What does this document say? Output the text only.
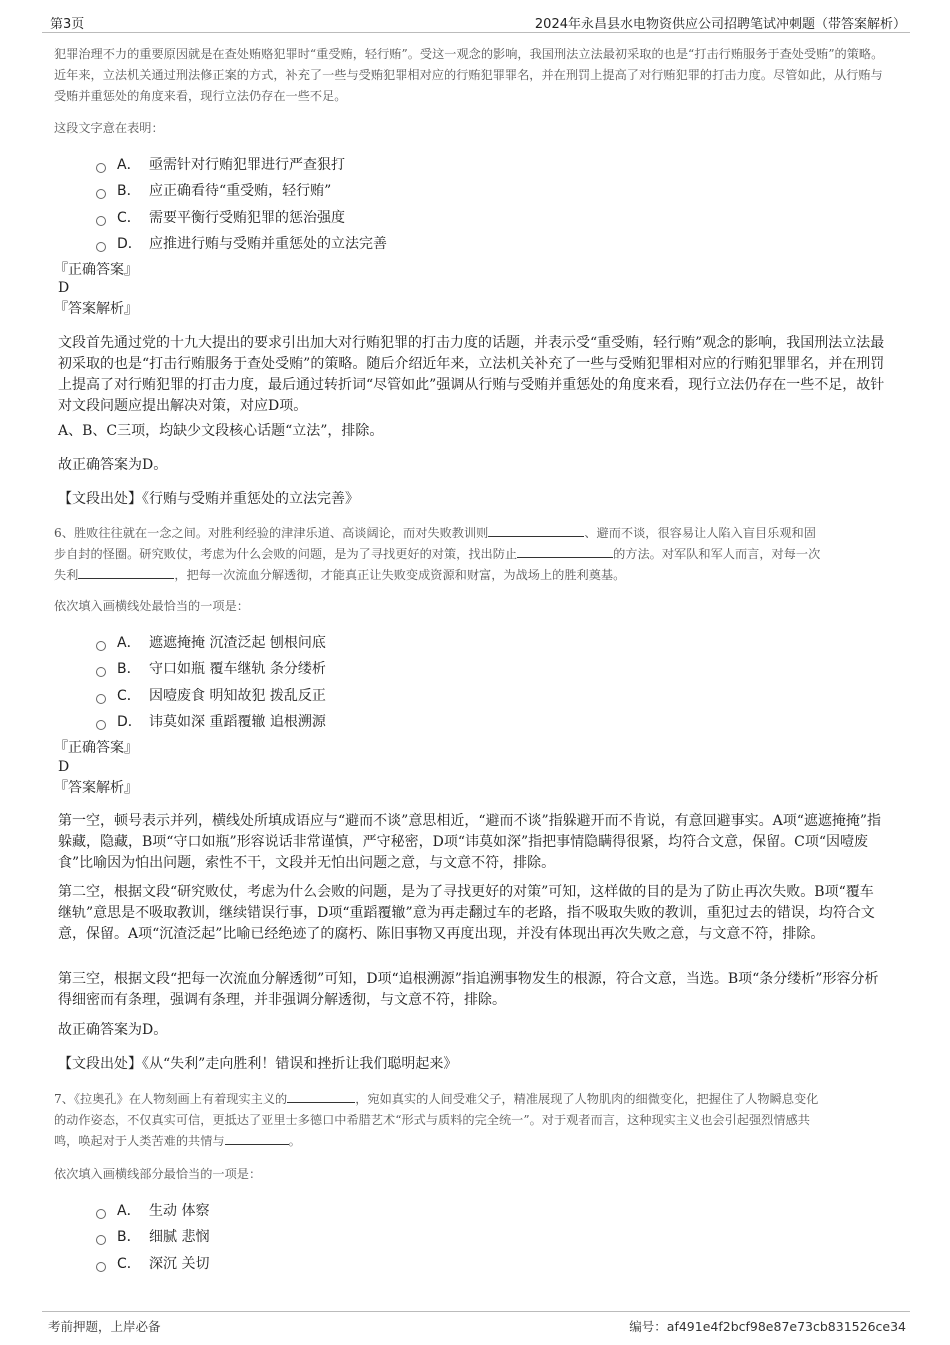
第3页	2024年永昌县水电物资供应公司招聘笔试冲刺题（带答案解析）
犯罪治理不力的重要原因就是在查处贿赂犯罪时“重受贿，轻行贿”。受这一观念的影响，我国刑法立法最初采取的也是“打击行贿服务于查处受贿”的策略。近年来，立法机关通过刑法修正案的方式，补充了一些与受贿犯罪相对应的行贿犯罪罪名，并在刑罚上提高了对行贿犯罪的打击力度。尽管如此，从行贿与受贿并重惩处的角度来看，现行立法仍存在一些不足。
这段文字意在表明：
A． 亟需针对行贿犯罪进行严查狠打
B． 应正确看待“重受贿，轻行贿”
C． 需要平衡行受贿犯罪的惩治强度
D． 应推进行贿与受贿并重惩处的立法完善
『正确答案』
D
『答案解析』
文段首先通过党的十九大提出的要求引出加大对行贿犯罪的打击力度的话题，并表示受“重受贿，轻行贿”观念的影响，我国刑法立法最初采取的也是“打击行贿服务于查处受贿”的策略。随后介绍近年来，立法机关补充了一些与受贿犯罪相对应的行贿犯罪罪名，并在刑罚上提高了对行贿犯罪的打击力度，最后通过转折词“尽管如此”强调从行贿与受贿并重惩处的角度来看，现行立法仍存在一些不足，故针对文段问题应提出解决对策，对应D项。
A、B、C三项，均缺少文段核心话题“立法”，排除。
故正确答案为D。
【文段出处】《行贿与受贿并重惩处的立法完善》
6、胜败往往就在一念之间。对胜利经验的津津乐道、高谈阔论，而对失败教训则	、避而不谈，很容易让人陷入盲目乐观和固
步自封的怪圈。研究败仗，考虑为什么会败的问题，是为了寻找更好的对策，找出防止	的方法。对军队和军人而言，对每一次
失利	，把每一次流血分解透彻，才能真正让失败变成资源和财富，为战场上的胜利奠基。
依次填入画横线处最恰当的一项是：
A． 遮遮掩掩 沉渣泛起 刨根问底
B． 守口如瓶 覆车继轨 条分缕析
C． 因噎废食 明知故犯 拨乱反正
D． 讳莫如深 重蹈覆辙 追根溯源
『正确答案』
D
『答案解析』
第一空，顿号表示并列，横线处所填成语应与“避而不谈”意思相近，“避而不谈”指躲避开而不肯说，有意回避事实。A项“遮遮掩掩”指躲藏，隐藏，B项“守口如瓶”形容说话非常谨慎，严守秘密，D项“讳莫如深”指把事情隐瞒得很紧，均符合文意，保留。C项“因噎废食”比喻因为怕出问题，索性不干，文段并无怕出问题之意，与文意不符，排除。
第二空，根据文段“研究败仗，考虑为什么会败的问题，是为了寻找更好的对策”可知，这样做的目的是为了防止再次失败。B项“覆车继轨”意思是不吸取教训，继续错误行事，D项“重蹈覆辙”意为再走翻过车的老路，指不吸取失败的教训，重犯过去的错误，均符合文意，保留。A项“沉渣泛起”比喻已经绝迹了的腐朽、陈旧事物又再度出现，并没有体现出再次失败之意，与文意不符，排除。
第三空，根据文段“把每一次流血分解透彻”可知，D项“追根溯源”指追溯事物发生的根源，符合文意，当选。B项“条分缕析”形容分析得细密而有条理，强调有条理，并非强调分解透彻，与文意不符，排除。
故正确答案为D。
【文段出处】《从“失利”走向胜利！错误和挫折让我们聪明起来》
7、《拉奥孔》在人物刻画上有着现实主义的	，宛如真实的人间受难父子，精准展现了人物肌肉的细微变化，把握住了人物瞬息变化
的动作姿态，不仅真实可信，更抵达了亚里士多德口中希腊艺术“形式与质料的完全统一”。对于观者而言，这种现实主义也会引起强烈情感共
鸣，唤起对于人类苦难的共情与	。
依次填入画横线部分最恰当的一项是：
A． 生动 体察
B． 细腻 悲悯
C． 深沉 关切
考前押题，上岸必备	编号：af491e4f2bcf98e87e73cb831526ce34
